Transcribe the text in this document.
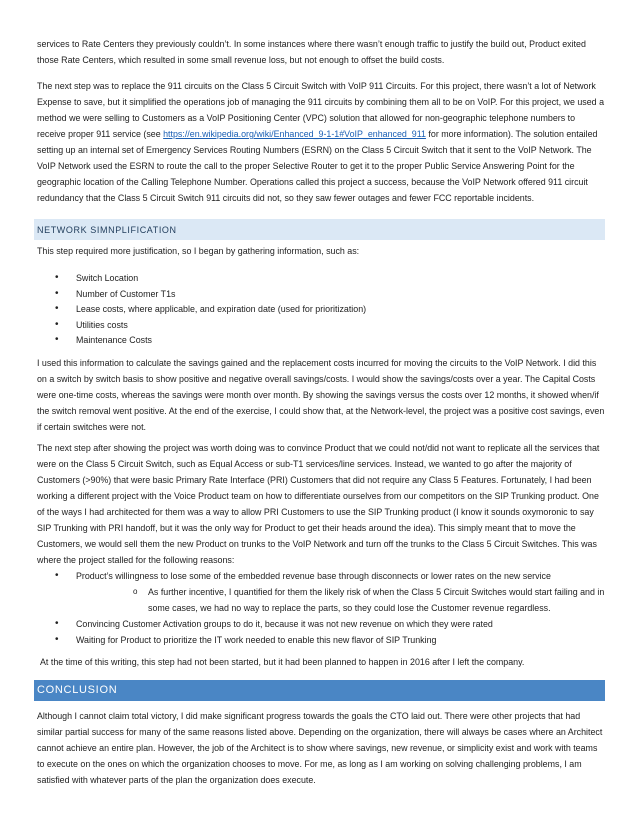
services to Rate Centers they previously couldn’t. In some instances where there wasn’t enough traffic to justify the build out, Product exited those Rate Centers, which resulted in some small revenue loss, but not enough to offset the build costs.

The next step was to replace the 911 circuits on the Class 5 Circuit Switch with VoIP 911 Circuits. For this project, there wasn’t a lot of Network Expense to save, but it simplified the operations job of managing the 911 circuits by combining them all to be on VoIP. For this project, we used a method we were selling to Customers as a VoIP Positioning Center (VPC) solution that allowed for non-geographic telephone numbers to receive proper 911 service (see https://en.wikipedia.org/wiki/Enhanced_9-1-1#VoIP_enhanced_911 for more information). The solution entailed setting up an internal set of Emergency Services Routing Numbers (ESRN) on the Class 5 Circuit Switch that it sent to the VoIP Network. The VoIP Network used the ESRN to route the call to the proper Selective Router to get it to the proper Public Service Answering Point for the geographic location of the Calling Telephone Number. Operations called this project a success, because the VoIP Network offered 911 circuit redundancy that the Class 5 Circuit Switch 911 circuits did not, so they saw fewer outages and fewer FCC reportable incidents.

NETWORK SIMNPLIFICATION

This step required more justification, so I began by gathering information, such as:

• Switch Location
• Number of Customer T1s
• Lease costs, where applicable, and expiration date (used for prioritization)
• Utilities costs
• Maintenance Costs

I used this information to calculate the savings gained and the replacement costs incurred for moving the circuits to the VoIP Network. I did this on a switch by switch basis to show positive and negative overall savings/costs. I would show the savings/costs over a year. The Capital Costs were one-time costs, whereas the savings were month over month. By showing the savings versus the costs over 12 months, it showed when/if the switch removal went positive. At the end of the exercise, I could show that, at the Network-level, the project was a positive cost savings, even if certain switches were not.

The next step after showing the project was worth doing was to convince Product that we could not/did not want to replicate all the services that were on the Class 5 Circuit Switch, such as Equal Access or sub-T1 services/line services. Instead, we wanted to go after the majority of Customers (>90%) that were basic Primary Rate Interface (PRI) Customers that did not require any Class 5 Features. Fortunately, I had been working a different project with the Voice Product team on how to differentiate ourselves from our competitors on the SIP Trunking product. One of the ways I had architected for them was a way to allow PRI Customers to use the SIP Trunking product (I know it sounds oxymoronic to say SIP Trunking with PRI handoff, but it was the only way for Product to get their heads around the idea). This simply meant that to move the Customers, we would sell them the new Product on trunks to the VoIP Network and turn off the trunks to the Class 5 Circuit Switches. This was where the project stalled for the following reasons:

• Product’s willingness to lose some of the embedded revenue base through disconnects or lower rates on the new service
o As further incentive, I quantified for them the likely risk of when the Class 5 Circuit Switches would start failing and in some cases, we had no way to replace the parts, so they could lose the Customer revenue regardless.
• Convincing Customer Activation groups to do it, because it was not new revenue on which they were rated
• Waiting for Product to prioritize the IT work needed to enable this new flavor of SIP Trunking

At the time of this writing, this step had not been started, but it had been planned to happen in 2016 after I left the company.

CONCLUSION

Although I cannot claim total victory, I did make significant progress towards the goals the CTO laid out. There were other projects that had similar partial success for many of the same reasons listed above. Depending on the organization, there will always be cases where an Architect cannot achieve an entire plan. However, the job of the Architect is to show where savings, new revenue, or simplicity exist and work with teams to execute on the ones on which the organization chooses to move. For me, as long as I am working on solving challenging problems, I am satisfied with whatever parts of the plan the organization does execute.
